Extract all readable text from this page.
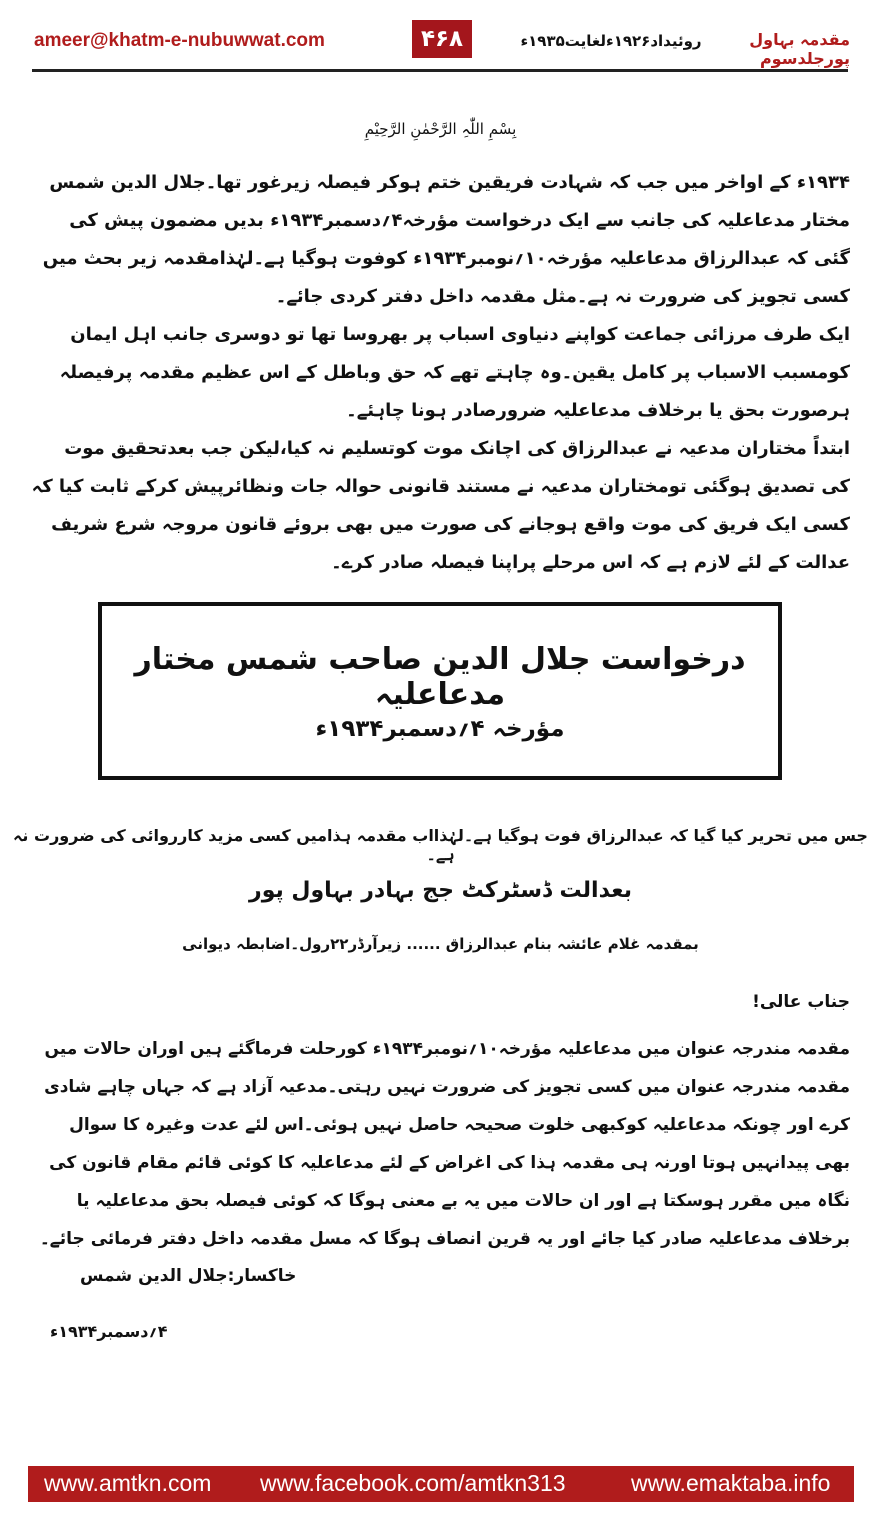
ameer@khatm-e-nubuwwat.com	۴۶۸	روئیداد۱۹۲۶ءلغایت۱۹۳۵ء	مقدمہ بہاول پورجلدسوم
بِسْمِ اللّٰہِ الرَّحْمٰنِ الرَّحِیْمِ

۱۹۳۴ء کے اواخر میں جب کہ شہادت فریقین ختم ہوکر فیصلہ زیرغور تھا۔جلال الدین شمس مختار مدعاعلیہ کی جانب سے ایک درخواست مؤرخہ۴؍دسمبر۱۹۳۴ء بدیں مضمون پیش کی گئی کہ عبدالرزاق مدعاعلیہ مؤرخہ۱۰؍نومبر۱۹۳۴ء کوفوت ہوگیا ہے۔لہٰذامقدمہ زیر بحث میں کسی تجویز کی ضرورت نہ ہے۔مثل مقدمہ داخل دفتر کردی جائے۔

ایک طرف مرزائی جماعت کواپنے دنیاوی اسباب پر بھروسا تھا تو دوسری جانب اہل ایمان کومسبب الاسباب پر کامل یقین۔وہ چاہتے تھے کہ حق وباطل کے اس عظیم مقدمہ پرفیصلہ ہرصورت بحق یا برخلاف مدعاعلیہ ضرورصادر ہونا چاہئے۔

ابتداً مختاران مدعیہ نے عبدالرزاق کی اچانک موت کوتسلیم نہ کیا،لیکن جب بعدتحقیق موت کی تصدیق ہوگئی تومختاران مدعیہ نے مستند قانونی حوالہ جات ونظائرپیش کرکے ثابت کیا کہ کسی ایک فریق کی موت واقع ہوجانے کی صورت میں بھی بروئے قانون مروجہ شرع شریف عدالت کے لئے لازم ہے کہ اس مرحلے پراپنا فیصلہ صادر کرے۔

درخواست جلال الدین صاحب شمس مختار مدعاعلیہ
مؤرخہ ۴؍دسمبر۱۹۳۴ء
جس میں تحریر کیا گیا کہ عبدالرزاق فوت ہوگیا ہے۔لہٰذااب مقدمہ ہذامیں کسی مزید کارروائی کی ضرورت نہ ہے۔
بعدالت ڈسٹرکٹ جج بہادر بہاول پور
بمقدمہ غلام عائشہ بنام عبدالرزاق ...... زیرآرڈر۲۲رول۔اضابطہ دیوانی
جناب عالی!

مقدمہ مندرجہ عنوان میں مدعاعلیہ مؤرخہ۱۰؍نومبر۱۹۳۴ء کورحلت فرماگئے ہیں اوران حالات میں مقدمہ مندرجہ عنوان میں کسی تجویز کی ضرورت نہیں رہتی۔مدعیہ آزاد ہے کہ جہاں چاہے شادی کرے اور چونکہ مدعاعلیہ کوکبھی خلوت صحیحہ حاصل نہیں ہوئی۔اس لئے عدت وغیرہ کا سوال بھی پیدانہیں ہوتا اورنہ ہی مقدمہ ہذا کی اغراض کے لئے مدعاعلیہ کا کوئی قائم مقام قانون کی نگاہ میں مقرر ہوسکتا ہے اور ان حالات میں یہ بے معنی ہوگا کہ کوئی فیصلہ بحق مدعاعلیہ یا برخلاف مدعاعلیہ صادر کیا جائے اور یہ قرین انصاف ہوگا کہ مسل مقدمہ داخل دفتر فرمائی جائے۔

خاکسار:جلال الدین شمس
۴؍دسمبر۱۹۳۴ء
www.amtkn.com www.facebook.com/amtkn313	www.emaktaba.info
